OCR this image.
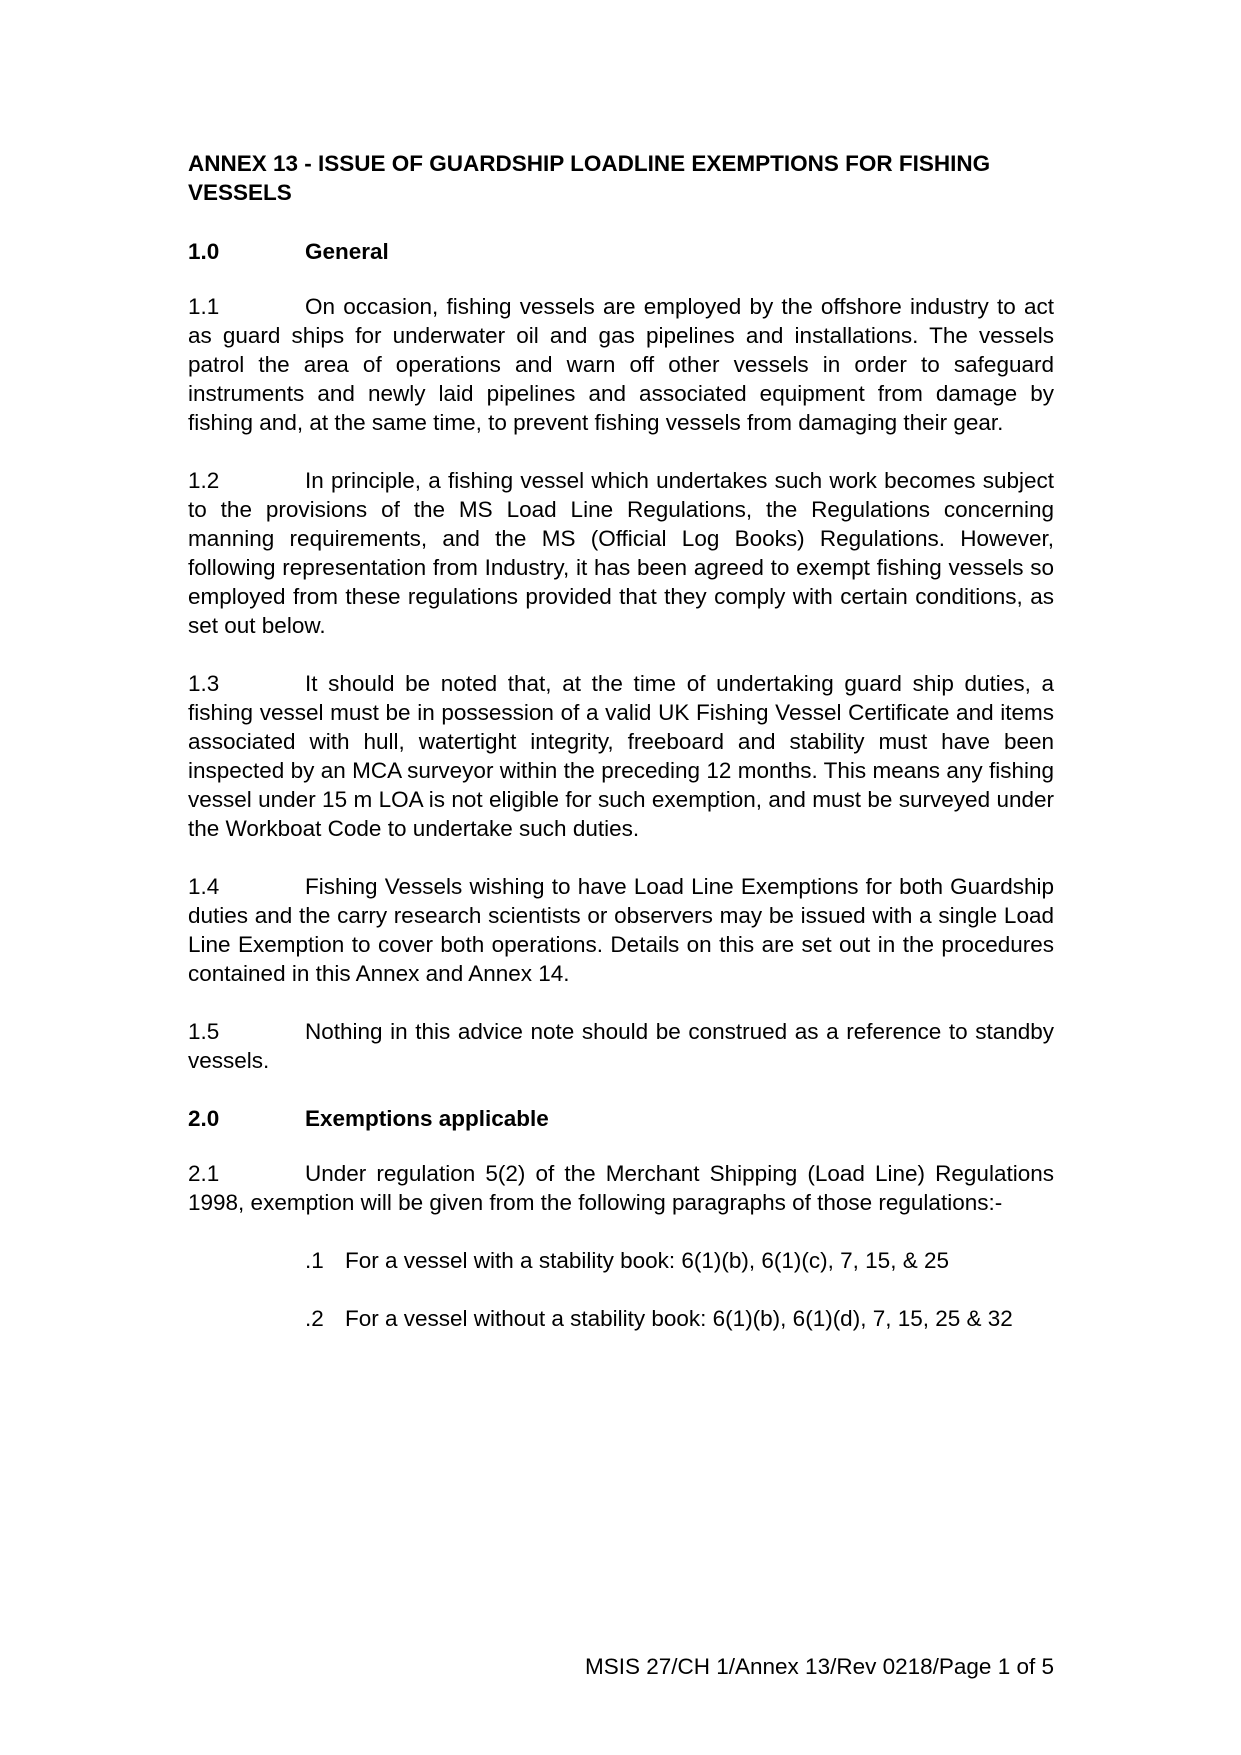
ANNEX 13 - ISSUE OF GUARDSHIP LOADLINE EXEMPTIONS FOR FISHING VESSELS
1.0	General
1.1	On occasion, fishing vessels are employed by the offshore industry to act as guard ships for underwater oil and gas pipelines and installations. The vessels patrol the area of operations and warn off other vessels in order to safeguard instruments and newly laid pipelines and associated equipment from damage by fishing and, at the same time, to prevent fishing vessels from damaging their gear.
1.2	In principle, a fishing vessel which undertakes such work becomes subject to the provisions of the MS Load Line Regulations, the Regulations concerning manning requirements, and the MS (Official Log Books) Regulations. However, following representation from Industry, it has been agreed to exempt fishing vessels so employed from these regulations provided that they comply with certain conditions, as set out below.
1.3	It should be noted that, at the time of undertaking guard ship duties, a fishing vessel must be in possession of a valid UK Fishing Vessel Certificate and items associated with hull, watertight integrity, freeboard and stability must have been inspected by an MCA surveyor within the preceding 12 months. This means any fishing vessel under 15 m LOA is not eligible for such exemption, and must be surveyed under the Workboat Code to undertake such duties.
1.4	Fishing Vessels wishing to have Load Line Exemptions for both Guardship duties and the carry research scientists or observers may be issued with a single Load Line Exemption to cover both operations. Details on this are set out in the procedures contained in this Annex and Annex 14.
1.5	Nothing in this advice note should be construed as a reference to standby vessels.
2.0	Exemptions applicable
2.1	Under regulation 5(2) of the Merchant Shipping (Load Line) Regulations 1998, exemption will be given from the following paragraphs of those regulations:-
.1 For a vessel with a stability book: 6(1)(b), 6(1)(c), 7, 15, & 25
.2 For a vessel without a stability book: 6(1)(b), 6(1)(d), 7, 15, 25 & 32
MSIS 27/CH 1/Annex 13/Rev 0218/Page 1 of 5
